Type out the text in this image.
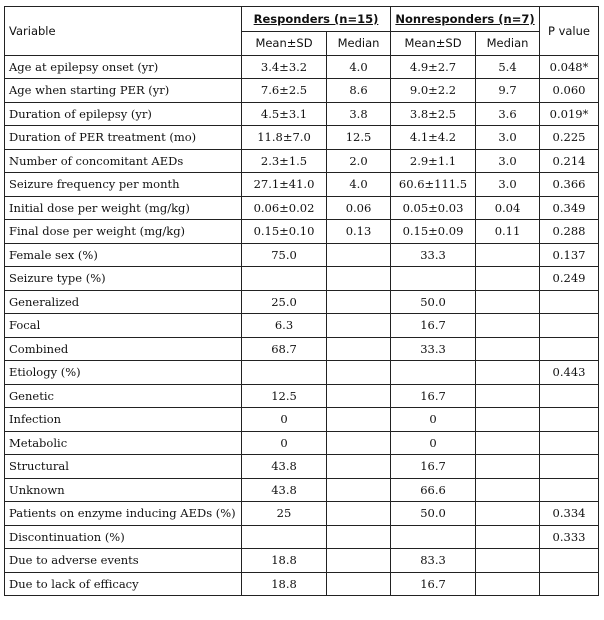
Variable	Responders (n=15)		Nonresponders (n=7)		P value
	Mean±SD	Median	Mean±SD	Median	
Age at epilepsy onset (yr)	3.4±3.2	4.0	4.9±2.7	5.4	0.048*
Age when starting PER (yr)	7.6±2.5	8.6	9.0±2.2	9.7	0.060
Duration of epilepsy (yr)	4.5±3.1	3.8	3.8±2.5	3.6	0.019*
Duration of PER treatment (mo)	11.8±7.0	12.5	4.1±4.2	3.0	0.225
Number of concomitant AEDs	2.3±1.5	2.0	2.9±1.1	3.0	0.214
Seizure frequency per month	27.1±41.0	4.0	60.6±111.5	3.0	0.366
Initial dose per weight (mg/kg)	0.06±0.02	0.06	0.05±0.03	0.04	0.349
Final dose per weight (mg/kg)	0.15±0.10	0.13	0.15±0.09	0.11	0.288
Female sex (%)	75.0		33.3		0.137
Seizure type (%)					0.249
Generalized	25.0		50.0		
Focal	6.3		16.7		
Combined	68.7		33.3		
Etiology (%)					0.443
Genetic	12.5		16.7		
Infection	0		0		
Metabolic	0		0		
Structural	43.8		16.7		
Unknown	43.8		66.6		
Patients on enzyme inducing AEDs (%)	25		50.0		0.334
Discontinuation (%)					0.333
Due to adverse events	18.8		83.3		
Due to lack of efficacy	18.8		16.7		
